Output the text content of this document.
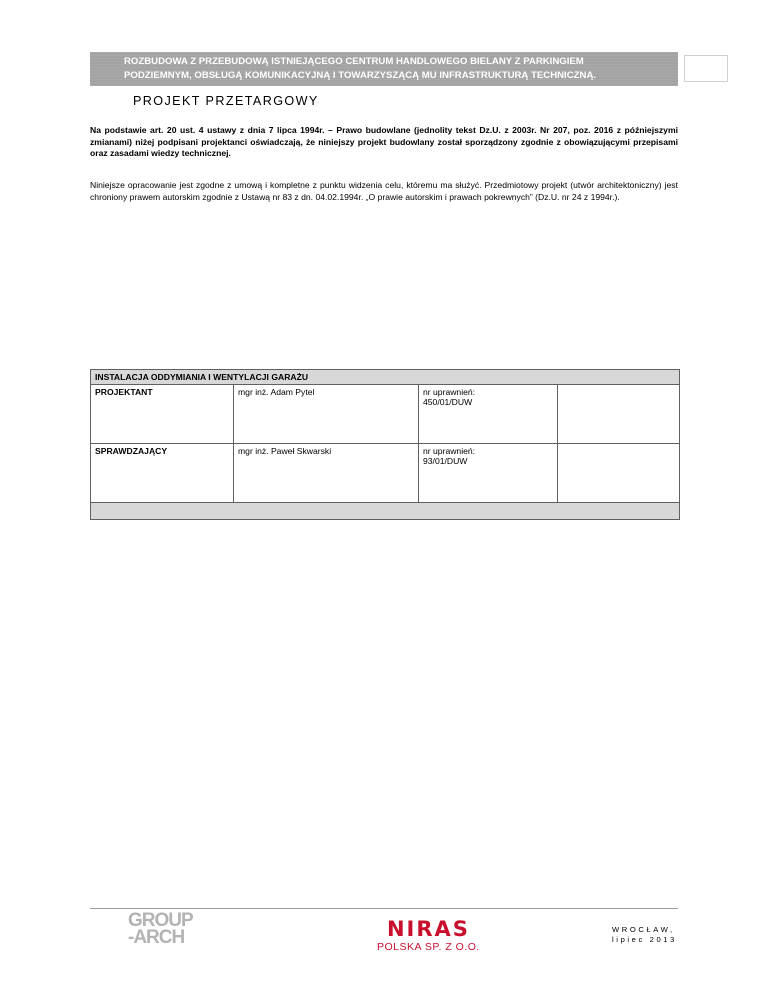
ROZBUDOWA Z PRZEBUDOWĄ ISTNIEJĄCEGO CENTRUM HANDLOWEGO BIELANY Z PARKINGIEM
PODZIEMNYM, OBSŁUGĄ KOMUNIKACYJNĄ I TOWARZYSZĄCĄ MU INFRASTRUKTURĄ TECHNICZNĄ.	2
PROJEKT PRZETARGOWY
Na podstawie art. 20 ust. 4 ustawy z dnia 7 lipca 1994r. – Prawo budowlane (jednolity tekst Dz.U. z 2003r. Nr 207, poz. 2016 z późniejszymi zmianami) niżej podpisani projektanci oświadczają, że niniejszy projekt budowlany został sporządzony zgodnie z obowiązującymi przepisami oraz zasadami wiedzy technicznej.
Niniejsze opracowanie jest zgodne z umową i kompletne z punktu widzenia celu, któremu ma służyć. Przedmiotowy projekt (utwór architektoniczny) jest chroniony prawem autorskim zgodnie z Ustawą nr 83 z dn. 04.02.1994r. „O prawie autorskim i prawach pokrewnych” (Dz.U. nr 24 z 1994r.).
INSTALACJA ODDYMIANIA I WENTYLACJI GARAŻU			
PROJEKTANT	mgr inż. Adam Pytel	nr uprawnień:
450/01/DUW	

SPRAWDZAJĄCY	mgr inż. Paweł Skwarski	nr uprawnień:
93/01/DUW	

GROUP
-ARCH	NIRAS
POLSKA SP. Z O.O.
WROCŁAW,
lipiec 2013
